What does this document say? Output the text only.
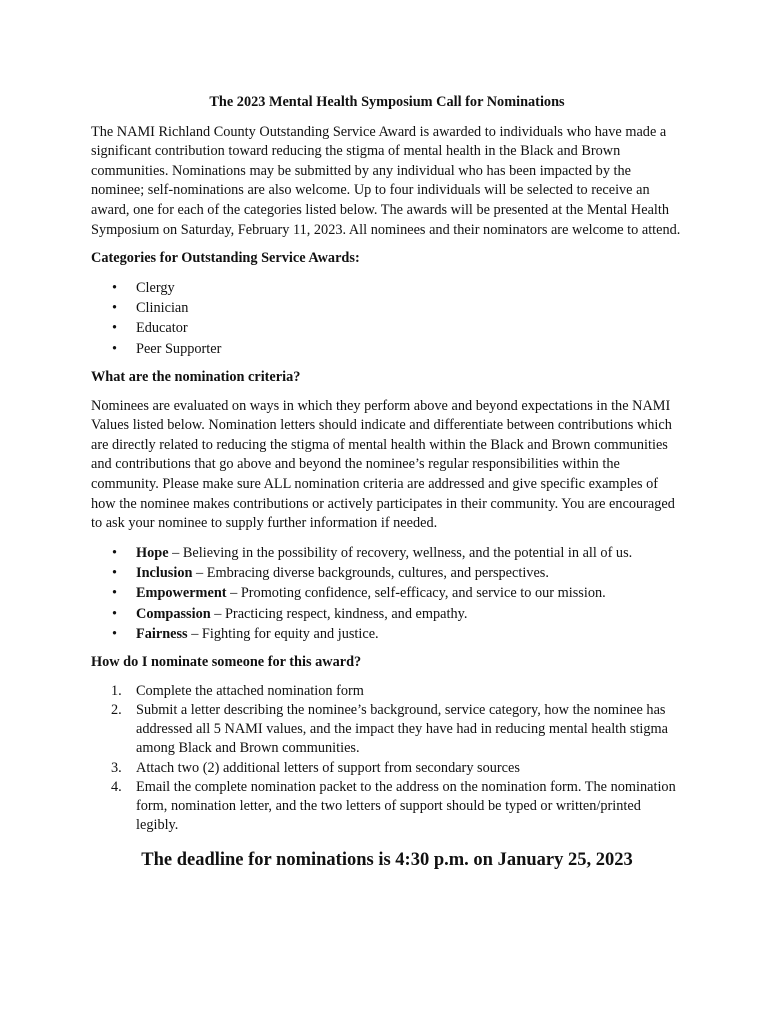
The 2023 Mental Health Symposium Call for Nominations

The NAMI Richland County Outstanding Service Award is awarded to individuals who have made a significant contribution toward reducing the stigma of mental health in the Black and Brown communities. Nominations may be submitted by any individual who has been impacted by the nominee; self-nominations are also welcome. Up to four individuals will be selected to receive an award, one for each of the categories listed below. The awards will be presented at the Mental Health Symposium on Saturday, February 11, 2023. All nominees and their nominators are welcome to attend.

Categories for Outstanding Service Awards:
• Clergy
• Clinician
• Educator
• Peer Supporter
What are the nomination criteria?

Nominees are evaluated on ways in which they perform above and beyond expectations in the NAMI Values listed below. Nomination letters should indicate and differentiate between contributions which are directly related to reducing the stigma of mental health within the Black and Brown communities and contributions that go above and beyond the nominee’s regular responsibilities within the community. Please make sure ALL nomination criteria are addressed and give specific examples of how the nominee makes contributions or actively participates in their community. You are encouraged to ask your nominee to supply further information if needed.

• Hope – Believing in the possibility of recovery, wellness, and the potential in all of us.
• Inclusion – Embracing diverse backgrounds, cultures, and perspectives.
• Empowerment – Promoting confidence, self-efficacy, and service to our mission.
• Compassion – Practicing respect, kindness, and empathy.
• Fairness – Fighting for equity and justice.
How do I nominate someone for this award?
1. Complete the attached nomination form
2. Submit a letter describing the nominee’s background, service category, how the nominee has addressed all 5 NAMI values, and the impact they have had in reducing mental health stigma among Black and Brown communities.
3. Attach two (2) additional letters of support from secondary sources
4. Email the complete nomination packet to the address on the nomination form. The nomination form, nomination letter, and the two letters of support should be typed or written/printed legibly.
The deadline for nominations is 4:30 p.m. on January 25, 2023
